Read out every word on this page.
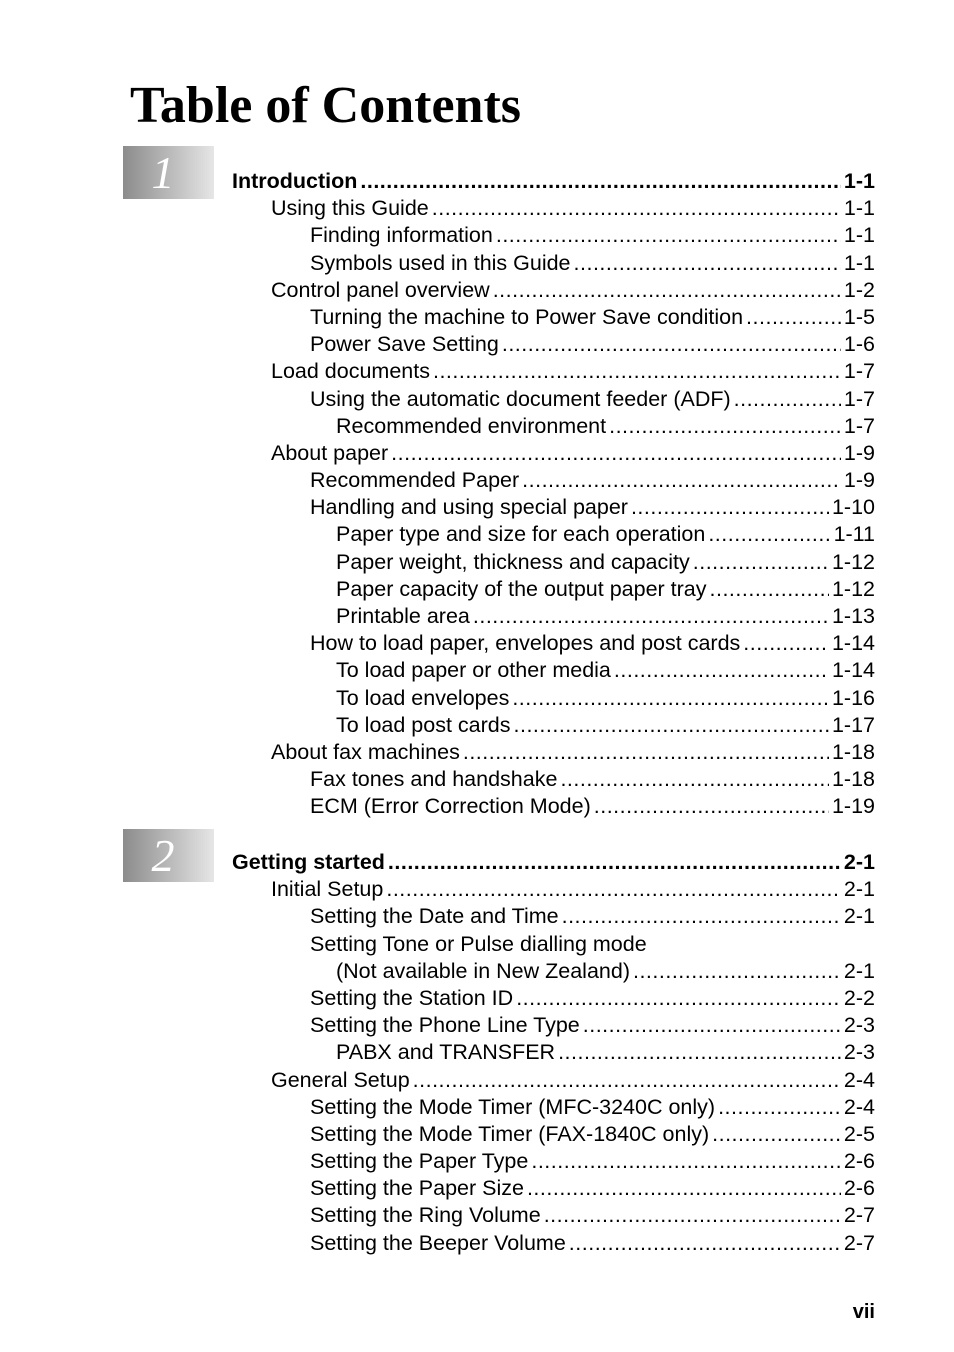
Table of Contents
1	Introduction .....	1-1
Using this Guide .....	1-1
Finding information .....	1-1
Symbols used in this Guide .....	1-1
Control panel overview .....	1-2
Turning the machine to Power Save condition .....	1-5
Power Save Setting .....	1-6
Load documents .....	1-7
Using the automatic document feeder (ADF) .....	1-7
Recommended environment .....	1-7
About paper .....	1-9
Recommended Paper .....	1-9
Handling and using special paper .....	1-10
Paper type and size for each operation .....	1-11
Paper weight, thickness and capacity .....	1-12
Paper capacity of the output paper tray .....	1-12
Printable area .....	1-13
How to load paper, envelopes and post cards .....	1-14
To load paper or other media .....	1-14
To load envelopes .....	1-16
To load post cards .....	1-17
About fax machines .....	1-18
Fax tones and handshake .....	1-18
ECM (Error Correction Mode) .....	1-19
2	Getting started .....	2-1
Initial Setup .....	2-1
Setting the Date and Time .....	2-1
Setting Tone or Pulse dialling mode
(Not available in New Zealand) .....	2-1
Setting the Station ID .....	2-2
Setting the Phone Line Type .....	2-3
PABX and TRANSFER .....	2-3
General Setup .....	2-4
Setting the Mode Timer (MFC-3240C only) .....	2-4
Setting the Mode Timer (FAX-1840C only) .....	2-5
Setting the Paper Type .....	2-6
Setting the Paper Size .....	2-6
Setting the Ring Volume .....	2-7
Setting the Beeper Volume .....	2-7
vii
